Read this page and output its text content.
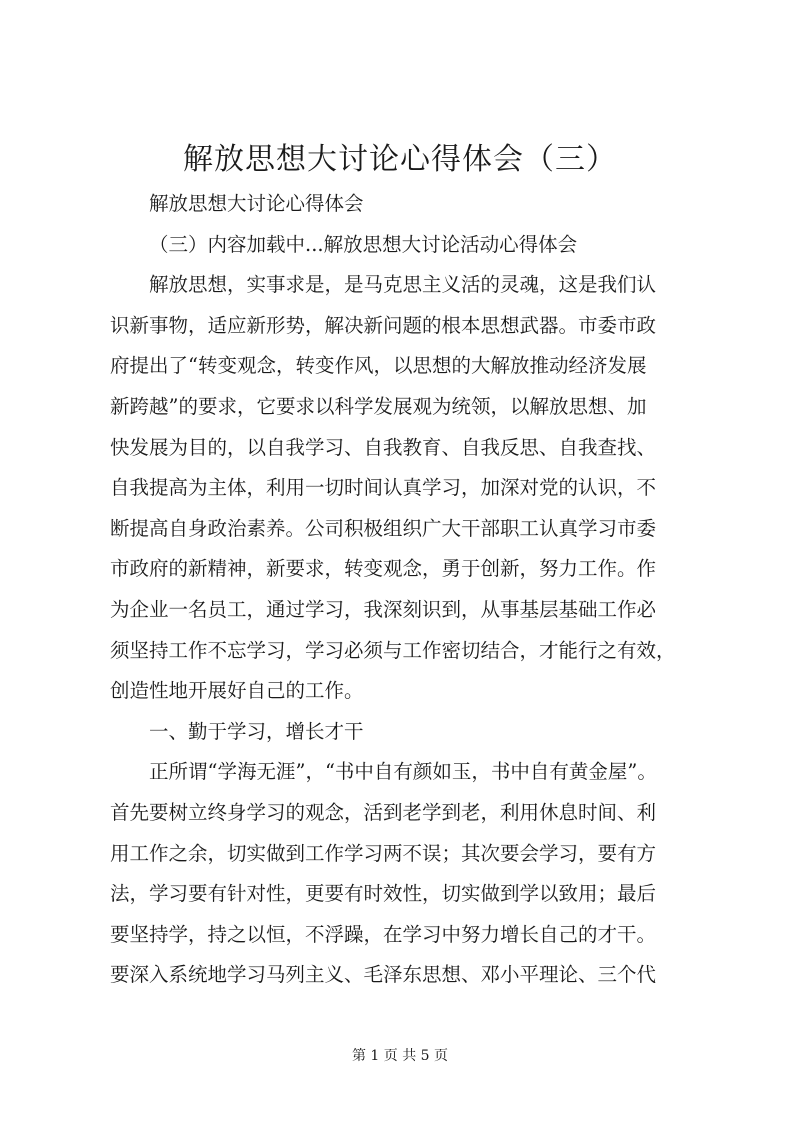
解放思想大讨论心得体会（三）
解放思想大讨论心得体会
（三）内容加载中...解放思想大讨论活动心得体会
解放思想，实事求是，是马克思主义活的灵魂，这是我们认
识新事物，适应新形势，解决新问题的根本思想武器。市委市政
府提出了“转变观念，转变作风，以思想的大解放推动经济发展
新跨越”的要求，它要求以科学发展观为统领，以解放思想、加
快发展为目的，以自我学习、自我教育、自我反思、自我查找、
自我提高为主体，利用一切时间认真学习，加深对党的认识，不
断提高自身政治素养。公司积极组织广大干部职工认真学习市委
市政府的新精神，新要求，转变观念，勇于创新，努力工作。作
为企业一名员工，通过学习，我深刻识到，从事基层基础工作必
须坚持工作不忘学习，学习必须与工作密切结合，才能行之有效，
创造性地开展好自己的工作。
一、勤于学习，增长才干
正所谓“学海无涯”，“书中自有颜如玉，书中自有黄金屋”。
首先要树立终身学习的观念，活到老学到老，利用休息时间、利
用工作之余，切实做到工作学习两不误；其次要会学习，要有方
法，学习要有针对性，更要有时效性，切实做到学以致用；最后
要坚持学，持之以恒，不浮躁，在学习中努力增长自己的才干。
要深入系统地学习马列主义、毛泽东思想、邓小平理论、三个代
第 1 页 共 5 页
